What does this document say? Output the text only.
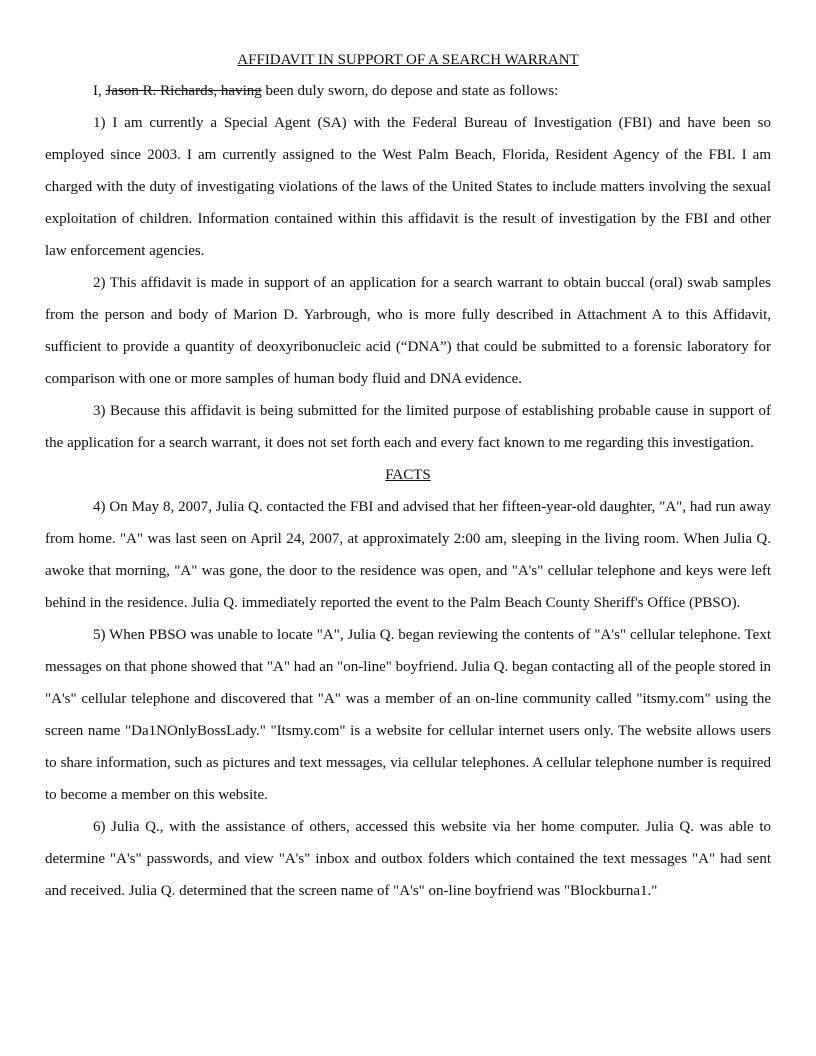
AFFIDAVIT IN SUPPORT OF A SEARCH WARRANT

I, Jason R. Richards, having been duly sworn, do depose and state as follows:

1) I am currently a Special Agent (SA) with the Federal Bureau of Investigation (FBI) and have been so employed since 2003. I am currently assigned to the West Palm Beach, Florida, Resident Agency of the FBI. I am charged with the duty of investigating violations of the laws of the United States to include matters involving the sexual exploitation of children. Information contained within this affidavit is the result of investigation by the FBI and other law enforcement agencies.

2) This affidavit is made in support of an application for a search warrant to obtain buccal (oral) swab samples from the person and body of Marion D. Yarbrough, who is more fully described in Attachment A to this Affidavit, sufficient to provide a quantity of deoxyribonucleic acid (“DNA”) that could be submitted to a forensic laboratory for comparison with one or more samples of human body fluid and DNA evidence.

3) Because this affidavit is being submitted for the limited purpose of establishing probable cause in support of the application for a search warrant, it does not set forth each and every fact known to me regarding this investigation.

FACTS

4) On May 8, 2007, Julia Q. contacted the FBI and advised that her fifteen-year-old daughter, "A", had run away from home. "A" was last seen on April 24, 2007, at approximately 2:00 am, sleeping in the living room. When Julia Q. awoke that morning, "A" was gone, the door to the residence was open, and "A's" cellular telephone and keys were left behind in the residence. Julia Q. immediately reported the event to the Palm Beach County Sheriff's Office (PBSO).

5) When PBSO was unable to locate "A", Julia Q. began reviewing the contents of "A's" cellular telephone. Text messages on that phone showed that "A" had an "on-line" boyfriend. Julia Q. began contacting all of the people stored in "A's" cellular telephone and discovered that "A" was a member of an on-line community called "itsmy.com" using the screen name "Da1NOnlyBossLady." "Itsmy.com" is a website for cellular internet users only. The website allows users to share information, such as pictures and text messages, via cellular telephones. A cellular telephone number is required to become a member on this website.

6) Julia Q., with the assistance of others, accessed this website via her home computer. Julia Q. was able to determine "A's" passwords, and view "A's" inbox and outbox folders which contained the text messages "A" had sent and received. Julia Q. determined that the screen name of "A's" on-line boyfriend was "Blockburna1."
